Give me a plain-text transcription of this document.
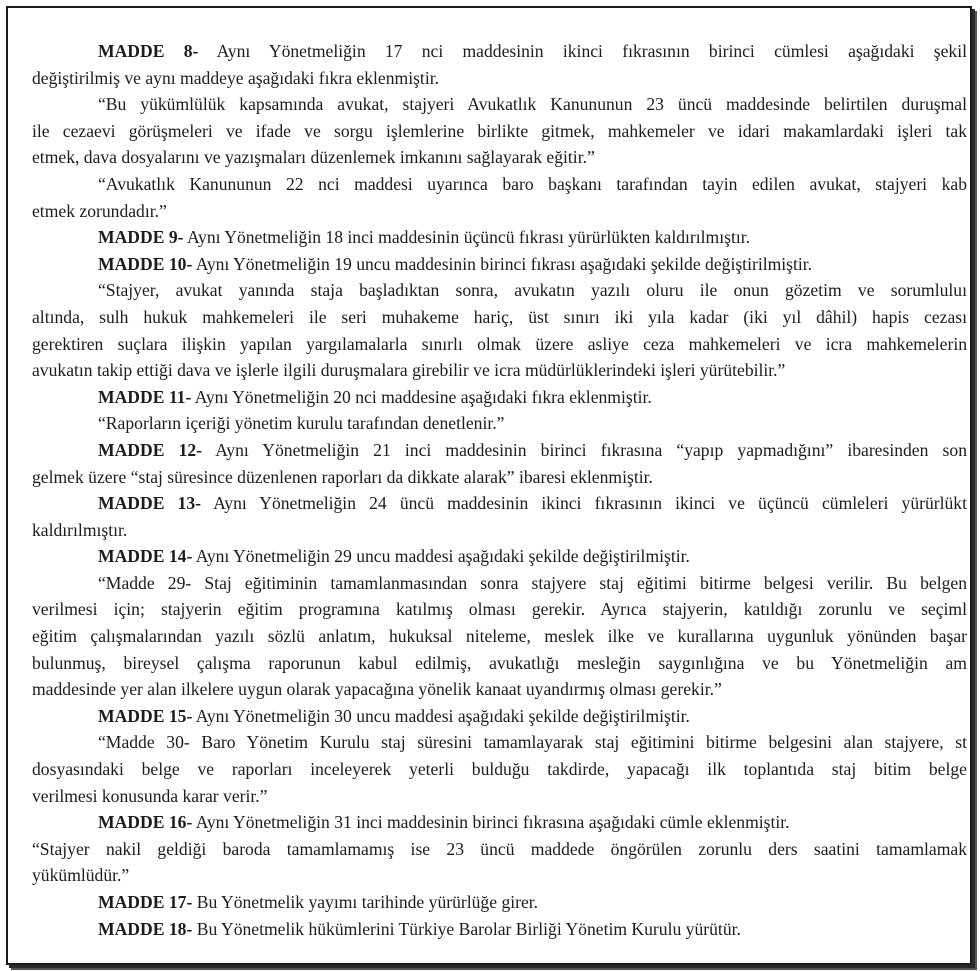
MADDE 8- Aynı Yönetmeliğin 17 nci maddesinin ikinci fıkrasının birinci cümlesi aşağıdaki şekil
değiştirilmiş ve aynı maddeye aşağıdaki fıkra eklenmiştir.
“Bu yükümlülük kapsamında avukat, stajyeri Avukatlık Kanununun 23 üncü maddesinde belirtilen duruşmal
ile cezaevi görüşmeleri ve ifade ve sorgu işlemlerine birlikte gitmek, mahkemeler ve idari makamlardaki işleri tak
etmek, dava dosyalarını ve yazışmaları düzenlemek imkanını sağlayarak eğitir.”
“Avukatlık Kanununun 22 nci maddesi uyarınca baro başkanı tarafından tayin edilen avukat, stajyeri kab
etmek zorundadır.”
MADDE 9- Aynı Yönetmeliğin 18 inci maddesinin üçüncü fıkrası yürürlükten kaldırılmıştır.
MADDE 10- Aynı Yönetmeliğin 19 uncu maddesinin birinci fıkrası aşağıdaki şekilde değiştirilmiştir.
“Stajyer, avukat yanında staja başladıktan sonra, avukatın yazılı oluru ile onun gözetim ve sorumluluı
altında, sulh hukuk mahkemeleri ile seri muhakeme hariç, üst sınırı iki yıla kadar (iki yıl dâhil) hapis cezası
gerektiren suçlara ilişkin yapılan yargılamalarla sınırlı olmak üzere asliye ceza mahkemeleri ve icra mahkemelerin
avukatın takip ettiği dava ve işlerle ilgili duruşmalara girebilir ve icra müdürlüklerindeki işleri yürütebilir.”
MADDE 11- Aynı Yönetmeliğin 20 nci maddesine aşağıdaki fıkra eklenmiştir.
“Raporların içeriği yönetim kurulu tarafından denetlenir.”
MADDE 12- Aynı Yönetmeliğin 21 inci maddesinin birinci fıkrasına “yapıp yapmadığını” ibaresinden son
gelmek üzere “staj süresince düzenlenen raporları da dikkate alarak” ibaresi eklenmiştir.
MADDE 13- Aynı Yönetmeliğin 24 üncü maddesinin ikinci fıkrasının ikinci ve üçüncü cümleleri yürürlükt
kaldırılmıştır.
MADDE 14- Aynı Yönetmeliğin 29 uncu maddesi aşağıdaki şekilde değiştirilmiştir.
“Madde 29- Staj eğitiminin tamamlanmasından sonra stajyere staj eğitimi bitirme belgesi verilir. Bu belgen
verilmesi için; stajyerin eğitim programına katılmış olması gerekir. Ayrıca stajyerin, katıldığı zorunlu ve seçiml
eğitim çalışmalarından yazılı sözlü anlatım, hukuksal niteleme, meslek ilke ve kurallarına uygunluk yönünden başar
bulunmuş, bireysel çalışma raporunun kabul edilmiş, avukatlığı mesleğin saygınlığına ve bu Yönetmeliğin am
maddesinde yer alan ilkelere uygun olarak yapacağına yönelik kanaat uyandırmış olması gerekir.”
MADDE 15- Aynı Yönetmeliğin 30 uncu maddesi aşağıdaki şekilde değiştirilmiştir.
“Madde 30- Baro Yönetim Kurulu staj süresini tamamlayarak staj eğitimini bitirme belgesini alan stajyere, st
dosyasındaki belge ve raporları inceleyerek yeterli bulduğu takdirde, yapacağı ilk toplantıda staj bitim belge
verilmesi konusunda karar verir.”
MADDE 16- Aynı Yönetmeliğin 31 inci maddesinin birinci fıkrasına aşağıdaki cümle eklenmiştir.
“Stajyer nakil geldiği baroda tamamlamamış ise 23 üncü maddede öngörülen zorunlu ders saatini tamamlamak
yükümlüdür.”
MADDE 17- Bu Yönetmelik yayımı tarihinde yürürlüğe girer.
MADDE 18- Bu Yönetmelik hükümlerini Türkiye Barolar Birliği Yönetim Kurulu yürütür.
